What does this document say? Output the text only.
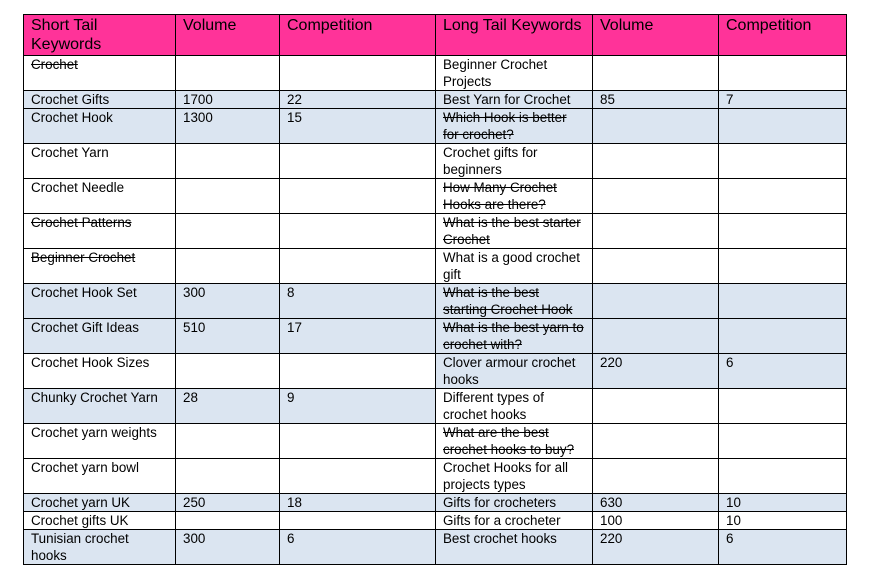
Short Tail Keywords	Volume	Competition	Long Tail Keywords	Volume	Competition
Crochet			Beginner Crochet Projects		
Crochet Gifts	1700	22	Best Yarn for Crochet	85	7
Crochet Hook	1300	15	Which Hook is better for crochet?		
Crochet Yarn			Crochet gifts for beginners		
Crochet Needle			How Many Crochet Hooks are there?		
Crochet Patterns			What is the best starter Crochet		
Beginner Crochet			What is a good crochet gift		
Crochet Hook Set	300	8	What is the best starting Crochet Hook		
Crochet Gift Ideas	510	17	What is the best yarn to crochet with?		
Crochet Hook Sizes			Clover armour crochet hooks	220	6
Chunky Crochet Yarn	28	9	Different types of crochet hooks		
Crochet yarn weights			What are the best crochet hooks to buy?		
Crochet yarn bowl			Crochet Hooks for all projects types		
Crochet yarn UK	250	18	Gifts for crocheters	630	10
Crochet gifts UK			Gifts for a crocheter	100	10
Tunisian crochet hooks	300	6	Best crochet hooks	220	6
